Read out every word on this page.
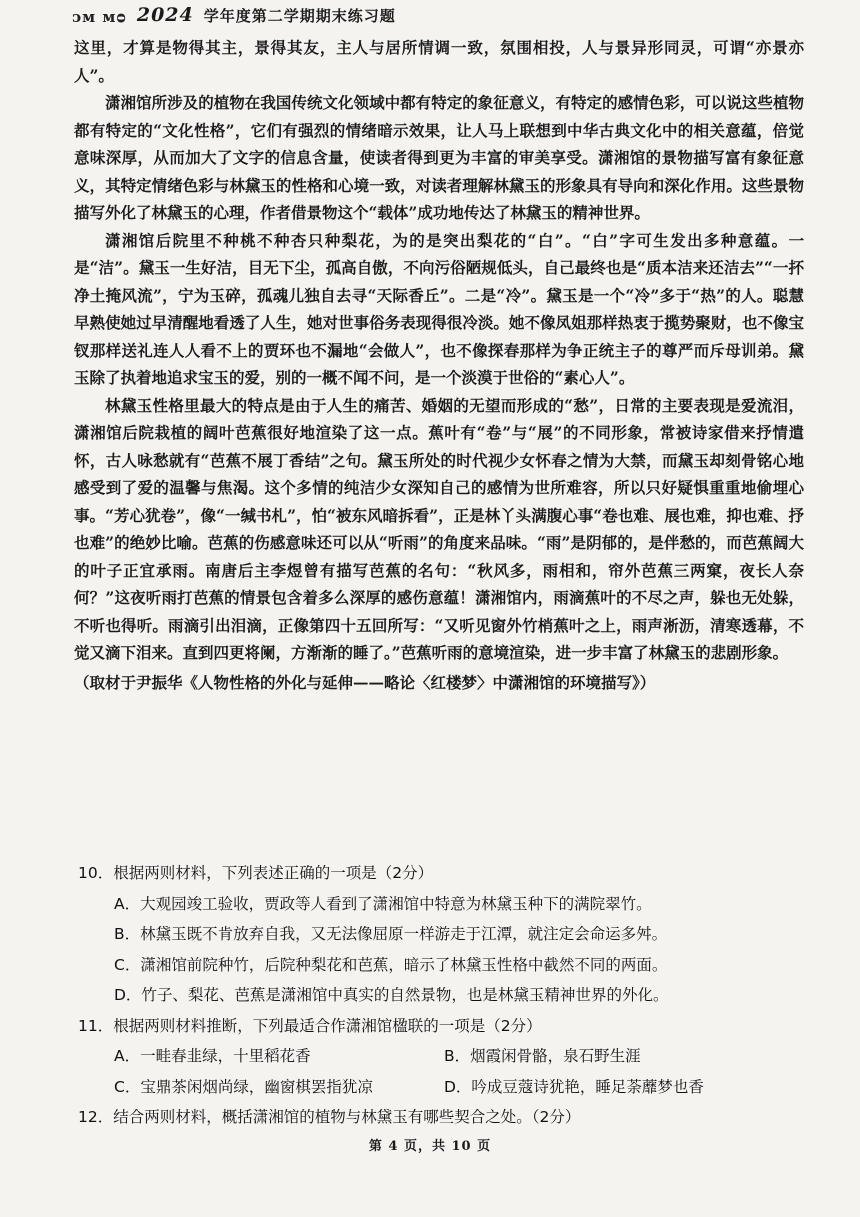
ᴐᴍ ᴍᴑ 2024 学年度第二学期期末练习题

这里，才算是物得其主，景得其友，主人与居所情调一致，氛围相投，人与景异形同灵，可谓“亦景亦人”。

潇湘馆所涉及的植物在我国传统文化领域中都有特定的象征意义，有特定的感情色彩，可以说这些植物都有特定的“文化性格”，它们有强烈的情绪暗示效果，让人马上联想到中华古典文化中的相关意蕴，倍觉意味深厚，从而加大了文字的信息含量，使读者得到更为丰富的审美享受。潇湘馆的景物描写富有象征意义，其特定情绪色彩与林黛玉的性格和心境一致，对读者理解林黛玉的形象具有导向和深化作用。这些景物描写外化了林黛玉的心理，作者借景物这个“载体”成功地传达了林黛玉的精神世界。

潇湘馆后院里不种桃不种杏只种梨花，为的是突出梨花的“白”。“白”字可生发出多种意蕴。一是“洁”。黛玉一生好洁，目无下尘，孤高自傲，不向污俗陋规低头，自己最终也是“质本洁来还洁去”“一抔净土掩风流”，宁为玉碎，孤魂儿独自去寻“天际香丘”。二是“冷”。黛玉是一个“冷”多于“热”的人。聪慧早熟使她过早清醒地看透了人生，她对世事俗务表现得很冷淡。她不像凤姐那样热衷于揽势聚财，也不像宝钗那样送礼连人人看不上的贾环也不漏地“会做人”，也不像探春那样为争正统主子的尊严而斥母训弟。黛玉除了执着地追求宝玉的爱，别的一概不闻不问，是一个淡漠于世俗的“素心人”。

林黛玉性格里最大的特点是由于人生的痛苦、婚姻的无望而形成的“愁”，日常的主要表现是爱流泪，潇湘馆后院栽植的阔叶芭蕉很好地渲染了这一点。蕉叶有“卷”与“展”的不同形象，常被诗家借来抒情遣怀，古人咏愁就有“芭蕉不展丁香结”之句。黛玉所处的时代视少女怀春之情为大禁，而黛玉却刻骨铭心地感受到了爱的温馨与焦渴。这个多情的纯洁少女深知自己的感情为世所难容，所以只好疑惧重重地偷埋心事。“芳心犹卷”，像“一缄书札”，怕“被东风暗拆看”，正是林丫头满腹心事“卷也难、展也难，抑也难、抒也难”的绝妙比喻。芭蕉的伤感意味还可以从“听雨”的角度来品味。“雨”是阴郁的，是伴愁的，而芭蕉阔大的叶子正宜承雨。南唐后主李煜曾有描写芭蕉的名句：“秋风多，雨相和，帘外芭蕉三两窠，夜长人奈何？”这夜听雨打芭蕉的情景包含着多么深厚的感伤意蕴！潇湘馆内，雨滴蕉叶的不尽之声，躲也无处躲，不听也得听。雨滴引出泪滴，正像第四十五回所写：“又听见窗外竹梢蕉叶之上，雨声淅沥，清寒透幕，不觉又滴下泪来。直到四更将阑，方渐渐的睡了。”芭蕉听雨的意境渲染，进一步丰富了林黛玉的悲剧形象。

（取材于尹振华《人物性格的外化与延伸——略论〈红楼梦〉中潇湘馆的环境描写》）

10．根据两则材料，下列表述正确的一项是（2分）

A．大观园竣工验收，贾政等人看到了潇湘馆中特意为林黛玉种下的满院翠竹。

B．林黛玉既不肯放弃自我，又无法像屈原一样游走于江潭，就注定会命运多舛。

C．潇湘馆前院种竹，后院种梨花和芭蕉，暗示了林黛玉性格中截然不同的两面。

D．竹子、梨花、芭蕉是潇湘馆中真实的自然景物，也是林黛玉精神世界的外化。

11．根据两则材料推断，下列最适合作潇湘馆楹联的一项是（2分）

A．一畦春韭绿，十里稻花香	B．烟霞闲骨骼，泉石野生涯
C．宝鼎茶闲烟尚绿，幽窗棋罢指犹凉	D．吟成豆蔻诗犹艳，睡足荼蘼梦也香

12．结合两则材料，概括潇湘馆的植物与林黛玉有哪些契合之处。（2分）

第 4 页，共 10 页
